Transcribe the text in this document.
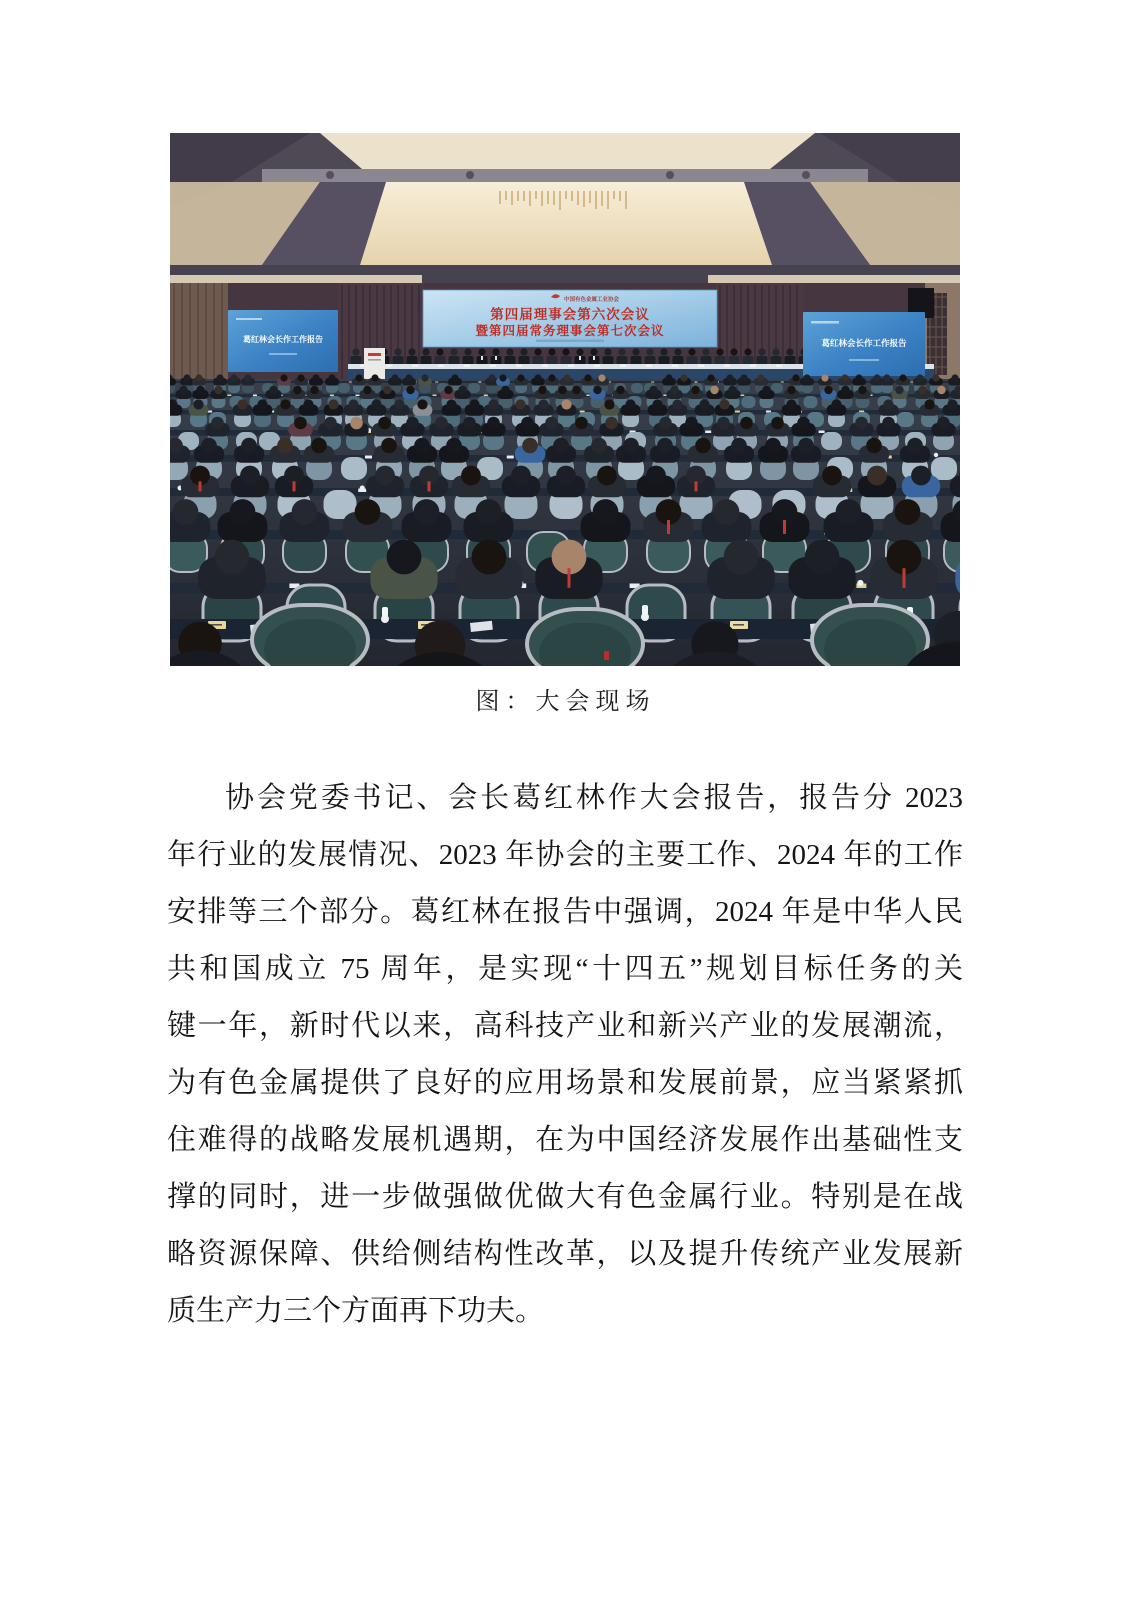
中国有色金属工业协会
第四届理事会第六次会议
暨第四届常务理事会第七次会议
葛红林会长作工作报告	葛红林会长作工作报告
图：大会现场
协会党委书记、会长葛红林作大会报告，报告分 2023
年行业的发展情况、2023 年协会的主要工作、2024 年的工作
安排等三个部分。葛红林在报告中强调，2024 年是中华人民
共和国成立 75 周年，是实现“十四五”规划目标任务的关
键一年，新时代以来，高科技产业和新兴产业的发展潮流，
为有色金属提供了良好的应用场景和发展前景，应当紧紧抓
住难得的战略发展机遇期，在为中国经济发展作出基础性支
撑的同时，进一步做强做优做大有色金属行业。特别是在战
略资源保障、供给侧结构性改革，以及提升传统产业发展新
质生产力三个方面再下功夫。
